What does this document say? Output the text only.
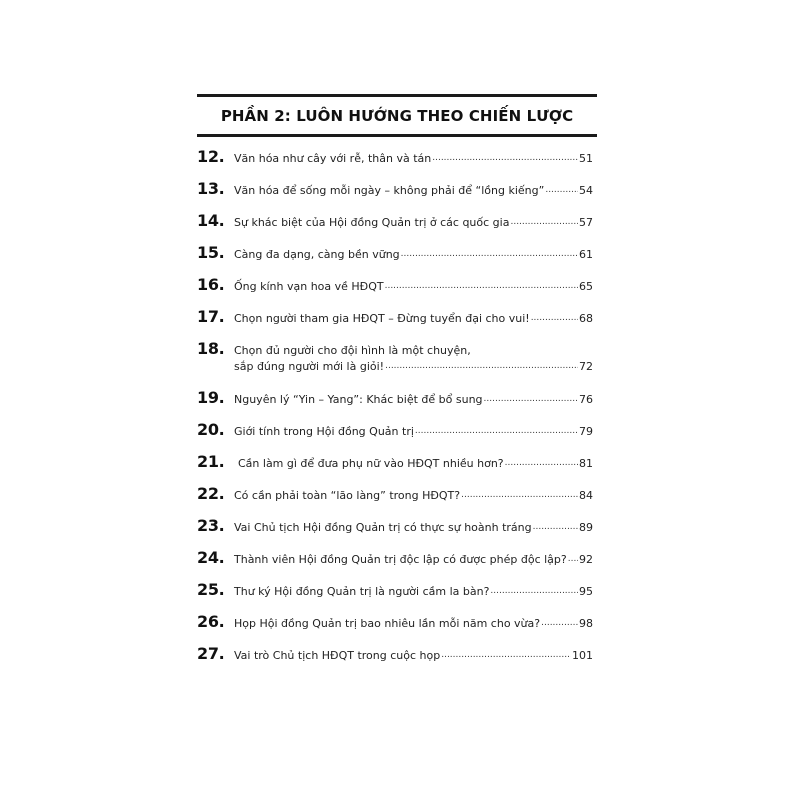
PHẦN 2: LUÔN HƯỚNG THEO CHIẾN LƯỢC
12. Văn hóa như cây với rễ, thân và tán .....	51
13. Văn hóa để sống mỗi ngày – không phải để “lồng kiếng” .....	54
14. Sự khác biệt của Hội đồng Quản trị ở các quốc gia .....	57
15. Càng đa dạng, càng bền vững .....	61
16. Ống kính vạn hoa về HĐQT .....	65
17. Chọn người tham gia HĐQT – Đừng tuyển đại cho vui! .....	68
18. Chọn đủ người cho đội hình là một chuyện,
sắp đúng người mới là giỏi! .....	72
19. Nguyên lý “Yin – Yang”: Khác biệt để bổ sung .....	76
20. Giới tính trong Hội đồng Quản trị .....	79
21.	Cần làm gì để đưa phụ nữ vào HĐQT nhiều hơn? .....	81
22. Có cần phải toàn “lão làng” trong HĐQT? .....	84
23. Vai Chủ tịch Hội đồng Quản trị có thực sự hoành tráng .....	89
24. Thành viên Hội đồng Quản trị độc lập có được phép độc lập? ..... 92
25. Thư ký Hội đồng Quản trị là người cầm la bàn? .....	95
26. Họp Hội đồng Quản trị bao nhiêu lần mỗi năm cho vừa? .....	98
27. Vai trò Chủ tịch HĐQT trong cuộc họp .....	101
